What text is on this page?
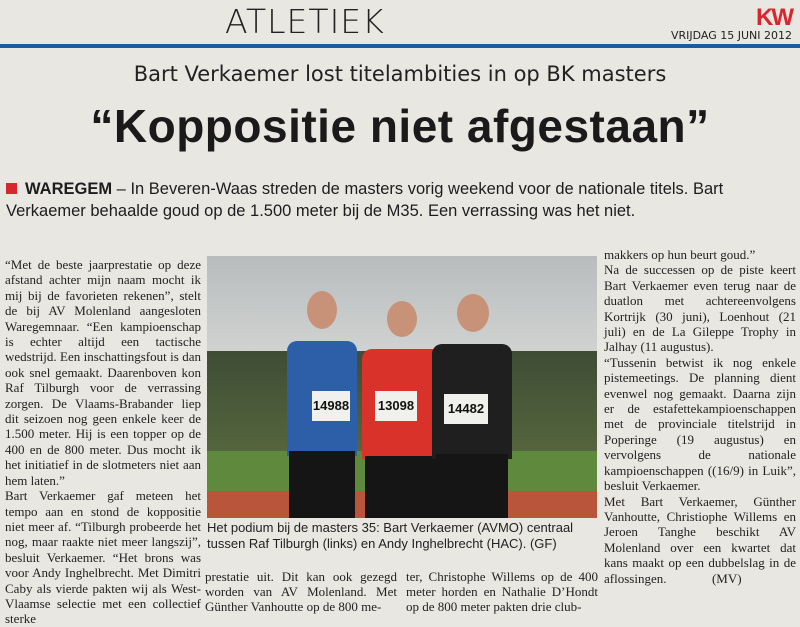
ATLETIEK	KW
VRIJDAG 15 JUNI 2012
Bart Verkaemer lost titelambities in op BK masters
“Koppositie niet afgestaan”
WAREGEM – In Beveren-Waas streden de masters vorig weekend voor de nationale titels. Bart Verkaemer behaalde goud op de 1.500 meter bij de M35. Een verrassing was het niet.

“Met de beste jaarprestatie op deze afstand achter mijn naam mocht ik mij bij de favorieten rekenen”, stelt de bij AV Molenland aangesloten Waregemnaar. “Een kampioenschap is echter altijd een tactische wedstrijd. Een inschattingsfout is dan ook snel gemaakt. Daarenboven kon Raf Tilburgh voor de verrassing zorgen. De Vlaams-Brabander liep dit seizoen nog geen enkele keer de 1.500 meter. Hij is een topper op de 400 en de 800 meter. Dus mocht ik het initiatief in de slotmeters niet aan hem laten.”

Bart Verkaemer gaf meteen het tempo aan en stond de koppositie niet meer af. “Tilburgh probeerde het nog, maar raakte niet meer langszij”, besluit Verkaemer. “Het brons was voor Andy Inghelbrecht. Met Dimitri Caby als vierde pakten wij als West-Vlaamse selectie met een collectief sterke

14988 13098	14482
Het podium bij de masters 35: Bart Verkaemer (AVMO) centraal tussen Raf Tilburgh (links) en Andy Inghelbrecht (HAC). (GF)

prestatie uit. Dit kan ook gezegd worden van AV Molenland. Met Günther Vanhoutte op de 800 me-

ter, Christophe Willems op de 400 meter horden en Nathalie D’Hondt op de 800 meter pakten drie club-

makkers op hun beurt goud.”

Na de successen op de piste keert Bart Verkaemer even terug naar de duatlon met achtereenvolgens Kortrijk (30 juni), Loenhout (21 juli) en de La Gileppe Trophy in Jalhay (11 augustus).

“Tussenin betwist ik nog enkele pistemeetings. De planning dient evenwel nog gemaakt. Daarna zijn er de estafettekampioenschappen met de provinciale titelstrijd in Poperinge (19 augustus) en vervolgens de nationale kampioenschappen ((16/9) in Luik”, besluit Verkaemer.

Met Bart Verkaemer, Günther Vanhoutte, Christiophe Willems en Jeroen Tanghe beschikt AV Molenland over een kwartet dat kans maakt op een dubbelslag in de aflossingen.              (MV)
